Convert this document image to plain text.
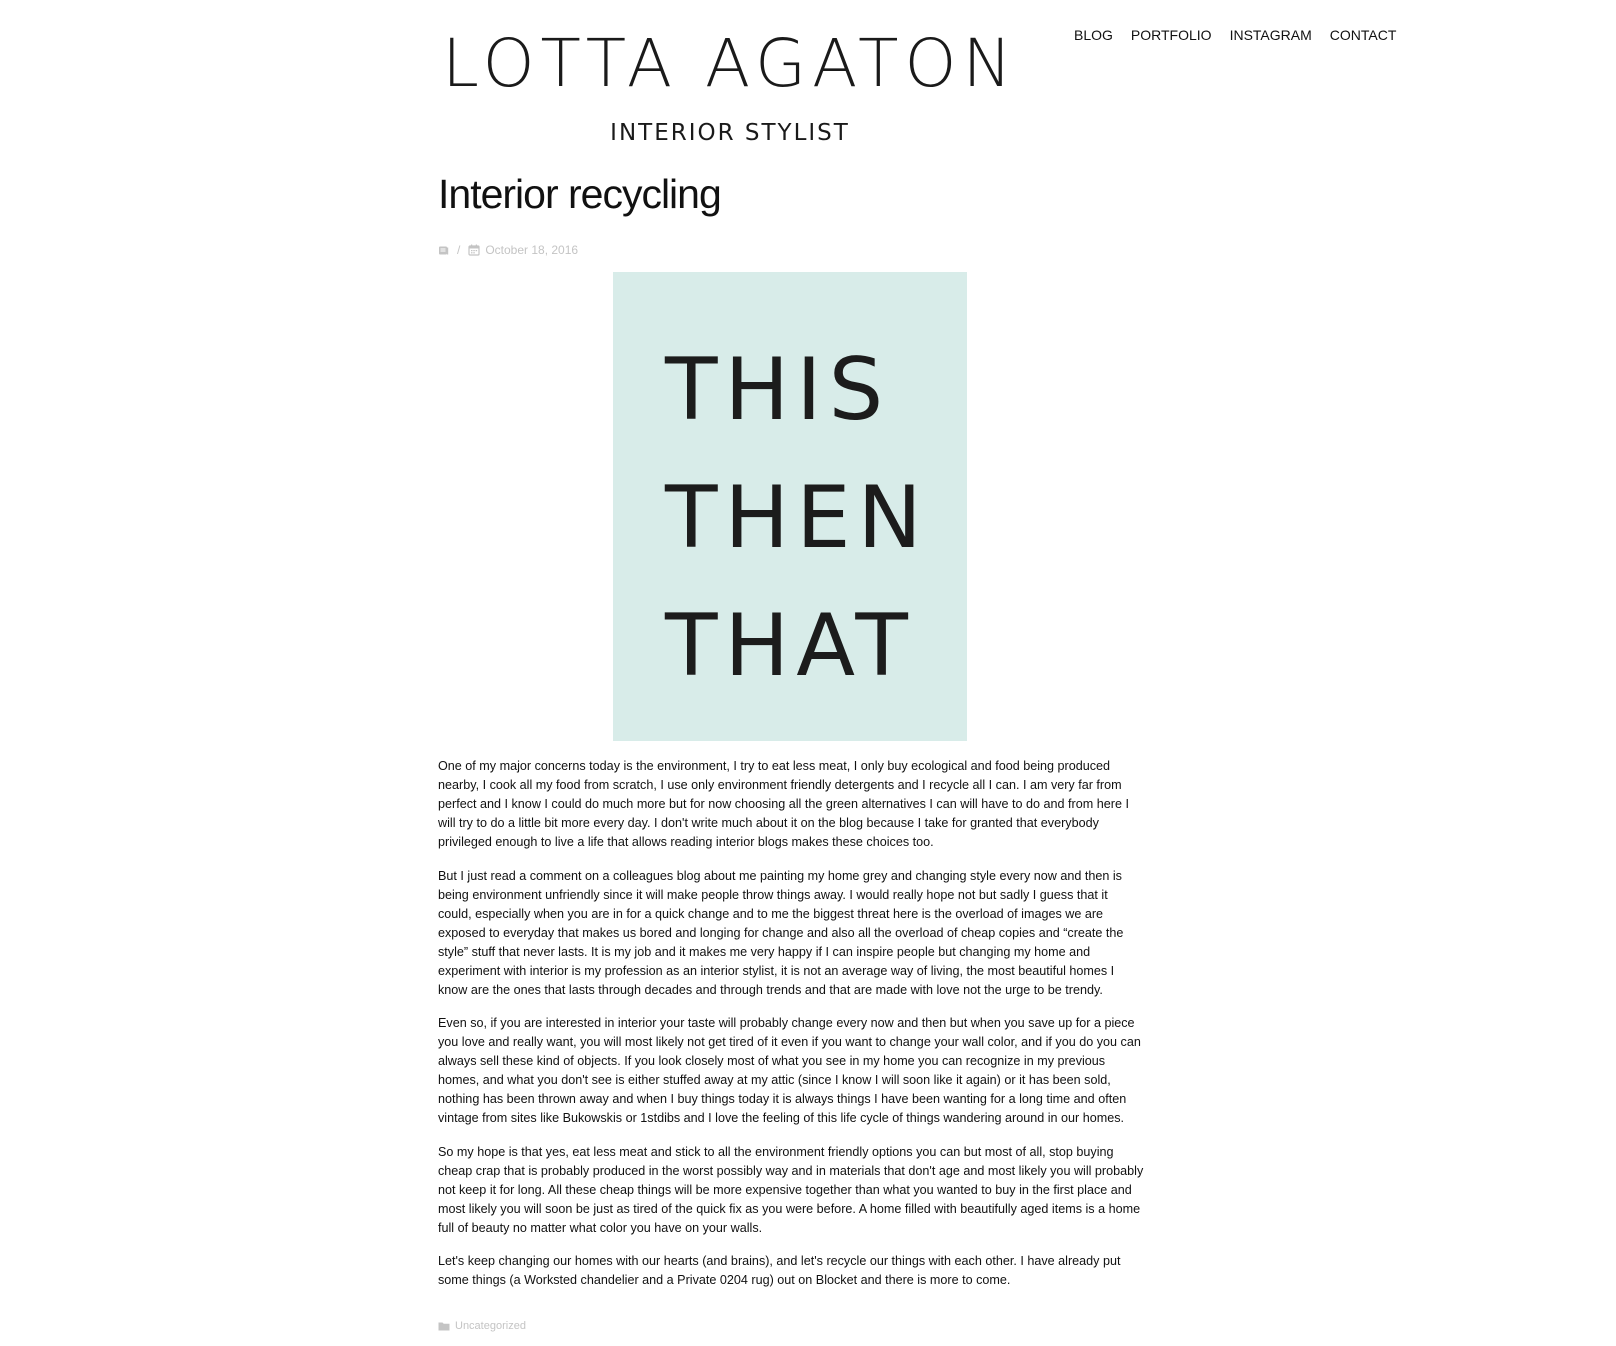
LOTTA AGATON
INTERIOR STYLIST
BLOG PORTFOLIO INSTAGRAM CONTACT
Interior recycling
/ October 18, 2016
THIS
THEN
THAT

One of my major concerns today is the environment, I try to eat less meat, I only buy ecological and food being produced nearby, I cook all my food from scratch, I use only environment friendly detergents and I recycle all I can. I am very far from perfect and I know I could do much more but for now choosing all the green alternatives I can will have to do and from here I will try to do a little bit more every day. I don't write much about it on the blog because I take for granted that everybody privileged enough to live a life that allows reading interior blogs makes these choices too.

But I just read a comment on a colleagues blog about me painting my home grey and changing style every now and then is being environment unfriendly since it will make people throw things away. I would really hope not but sadly I guess that it could, especially when you are in for a quick change and to me the biggest threat here is the overload of images we are exposed to everyday that makes us bored and longing for change and also all the overload of cheap copies and “create the style” stuff that never lasts. It is my job and it makes me very happy if I can inspire people but changing my home and experiment with interior is my profession as an interior stylist, it is not an average way of living, the most beautiful homes I know are the ones that lasts through decades and through trends and that are made with love not the urge to be trendy.

Even so, if you are interested in interior your taste will probably change every now and then but when you save up for a piece you love and really want, you will most likely not get tired of it even if you want to change your wall color, and if you do you can always sell these kind of objects. If you look closely most of what you see in my home you can recognize in my previous homes, and what you don't see is either stuffed away at my attic (since I know I will soon like it again) or it has been sold, nothing has been thrown away and when I buy things today it is always things I have been wanting for a long time and often vintage from sites like Bukowskis or 1stdibs and I love the feeling of this life cycle of things wandering around in our homes.

So my hope is that yes, eat less meat and stick to all the environment friendly options you can but most of all, stop buying cheap crap that is probably produced in the worst possibly way and in materials that don't age and most likely you will probably not keep it for long. All these cheap things will be more expensive together than what you wanted to buy in the first place and most likely you will soon be just as tired of the quick fix as you were before. A home filled with beautifully aged items is a home full of beauty no matter what color you have on your walls.

Let's keep changing our homes with our hearts (and brains), and let's recycle our things with each other. I have already put some things (a Worksted chandelier and a Private 0204 rug) out on Blocket and there is more to come.

Uncategorized
